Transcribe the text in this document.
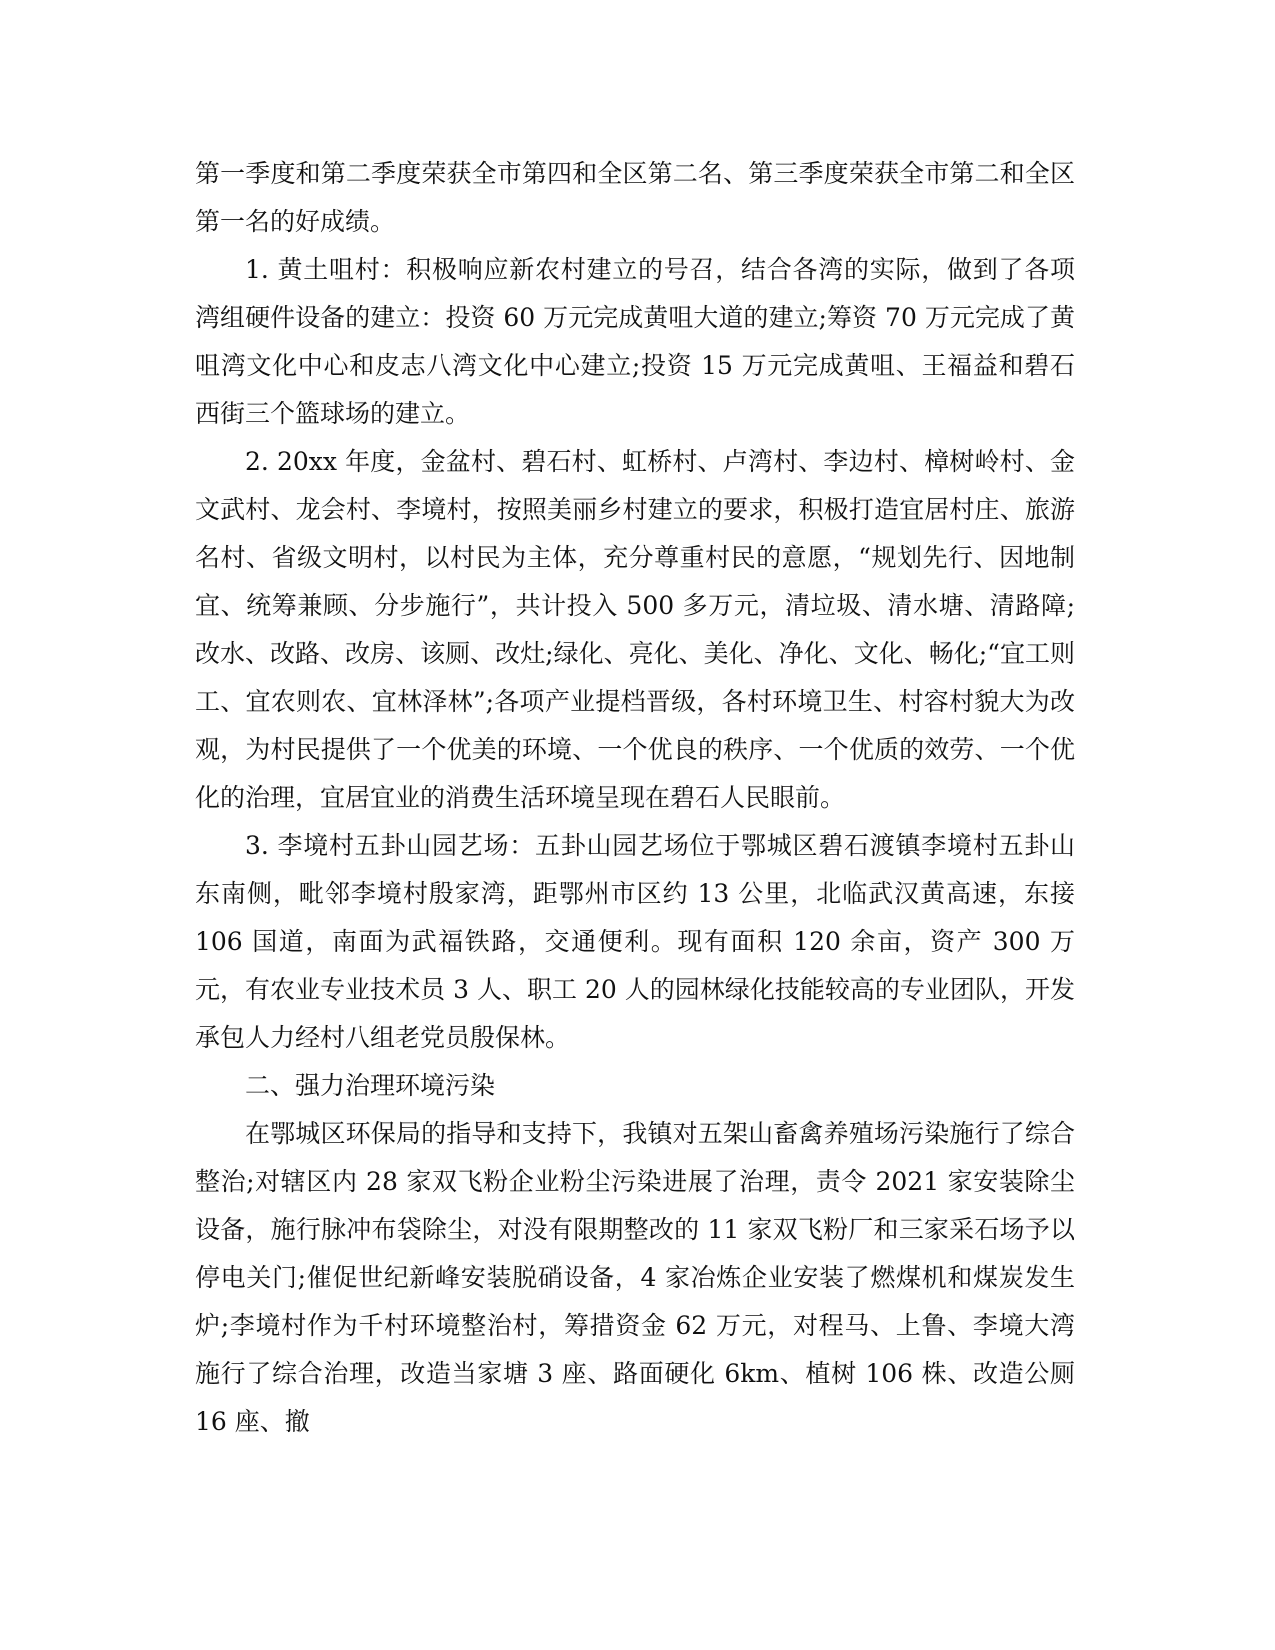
第一季度和第二季度荣获全市第四和全区第二名、第三季度荣获全市第二和全区第一名的好成绩。

1. 黄土咀村：积极响应新农村建立的号召，结合各湾的实际，做到了各项湾组硬件设备的建立：投资 60 万元完成黄咀大道的建立;筹资 70 万元完成了黄咀湾文化中心和皮志八湾文化中心建立;投资 15 万元完成黄咀、王福益和碧石西街三个篮球场的建立。

2. 20xx 年度，金盆村、碧石村、虹桥村、卢湾村、李边村、樟树岭村、金文武村、龙会村、李境村，按照美丽乡村建立的要求，积极打造宜居村庄、旅游名村、省级文明村，以村民为主体，充分尊重村民的意愿，“规划先行、因地制宜、统筹兼顾、分步施行”，共计投入 500 多万元，清垃圾、清水塘、清路障;改水、改路、改房、该厕、改灶;绿化、亮化、美化、净化、文化、畅化;“宜工则工、宜农则农、宜林泽林”;各项产业提档晋级，各村环境卫生、村容村貌大为改观，为村民提供了一个优美的环境、一个优良的秩序、一个优质的效劳、一个优化的治理，宜居宜业的消费生活环境呈现在碧石人民眼前。

3. 李境村五卦山园艺场：五卦山园艺场位于鄂城区碧石渡镇李境村五卦山东南侧，毗邻李境村殷家湾，距鄂州市区约 13 公里，北临武汉黄高速，东接 106 国道，南面为武福铁路，交通便利。现有面积 120 余亩，资产 300 万元，有农业专业技术员 3 人、职工 20 人的园林绿化技能较高的专业团队，开发承包人力经村八组老党员殷保林。

二、强力治理环境污染

在鄂城区环保局的指导和支持下，我镇对五架山畜禽养殖场污染施行了综合整治;对辖区内 28 家双飞粉企业粉尘污染进展了治理，责令 2021 家安装除尘设备，施行脉冲布袋除尘，对没有限期整改的 11 家双飞粉厂和三家采石场予以停电关门;催促世纪新峰安装脱硝设备，4 家冶炼企业安装了燃煤机和煤炭发生炉;李境村作为千村环境整治村，筹措资金 62 万元，对程马、上鲁、李境大湾施行了综合治理，改造当家塘 3 座、路面硬化 6km、植树 106 株、改造公厕 16 座、撤
